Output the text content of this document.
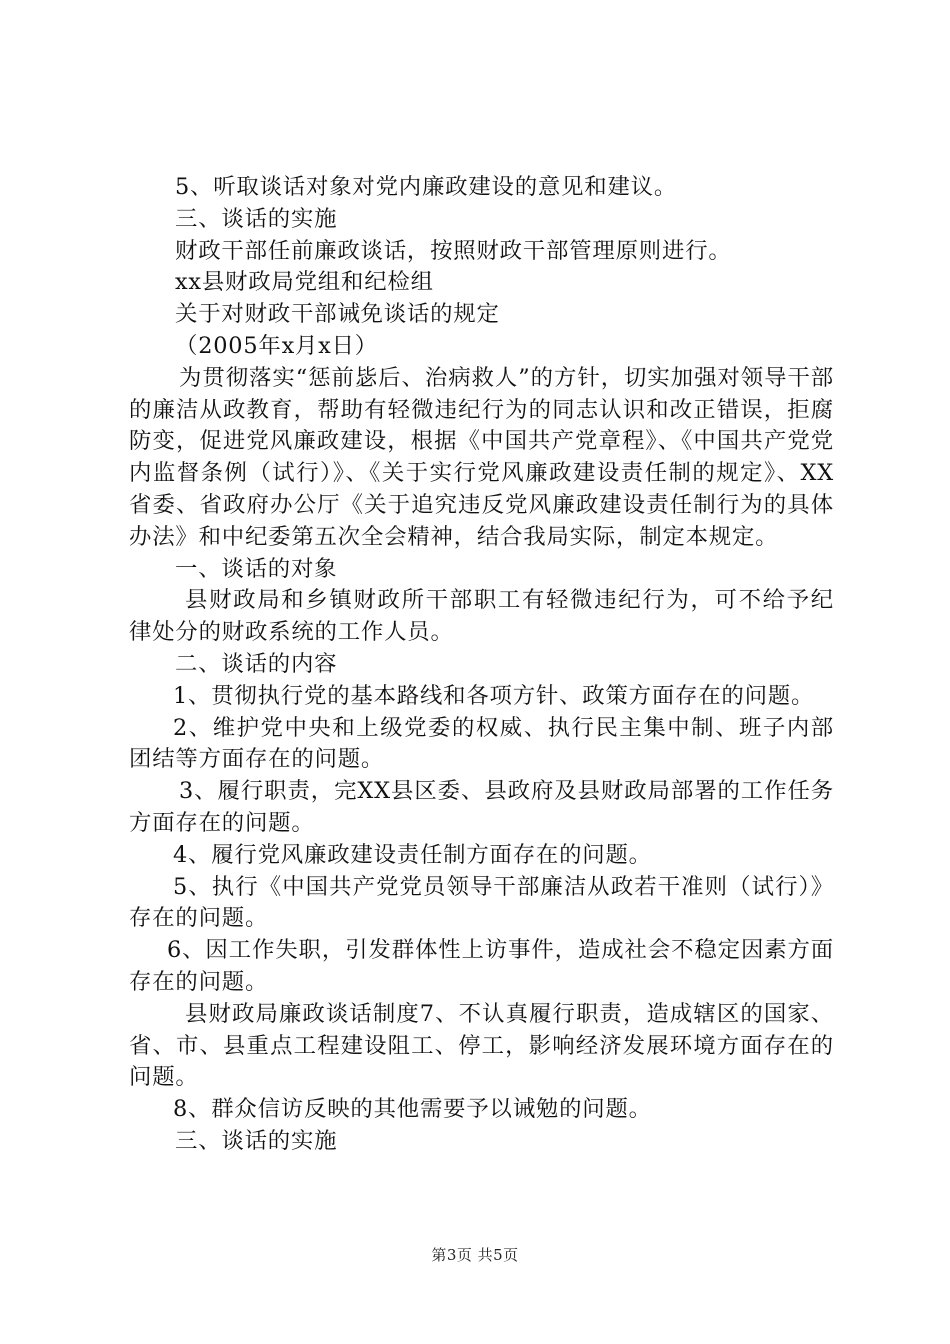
5、听取谈话对象对党内廉政建设的意见和建议。

三、谈话的实施

财政干部任前廉政谈话，按照财政干部管理原则进行。

xx县财政局党组和纪检组

关于对财政干部诫免谈话的规定

（2005年x月x日）

为贯彻落实“惩前毖后、治病救人”的方针，切实加强对领导干部的廉洁从政教育，帮助有轻微违纪行为的同志认识和改正错误，拒腐防变，促进党风廉政建设，根据《中国共产党章程》、《中国共产党党内监督条例（试行）》、《关于实行党风廉政建设责任制的规定》、XX省委、省政府办公厅《关于追究违反党风廉政建设责任制行为的具体办法》和中纪委第五次全会精神，结合我局实际，制定本规定。

一、谈话的对象

县财政局和乡镇财政所干部职工有轻微违纪行为，可不给予纪律处分的财政系统的工作人员。

二、谈话的内容

1、贯彻执行党的基本路线和各项方针、政策方面存在的问题。

2、维护党中央和上级党委的权威、执行民主集中制、班子内部团结等方面存在的问题。

3、履行职责，完XX县区委、县政府及县财政局部署的工作任务方面存在的问题。

4、履行党风廉政建设责任制方面存在的问题。

5、执行《中国共产党党员领导干部廉洁从政若干准则（试行）》存在的问题。

6、因工作失职，引发群体性上访事件，造成社会不稳定因素方面存在的问题。

县财政局廉政谈话制度7、不认真履行职责，造成辖区的国家、省、市、县重点工程建设阻工、停工，影响经济发展环境方面存在的问题。

8、群众信访反映的其他需要予以诫勉的问题。

三、谈话的实施

第3页 共5页
